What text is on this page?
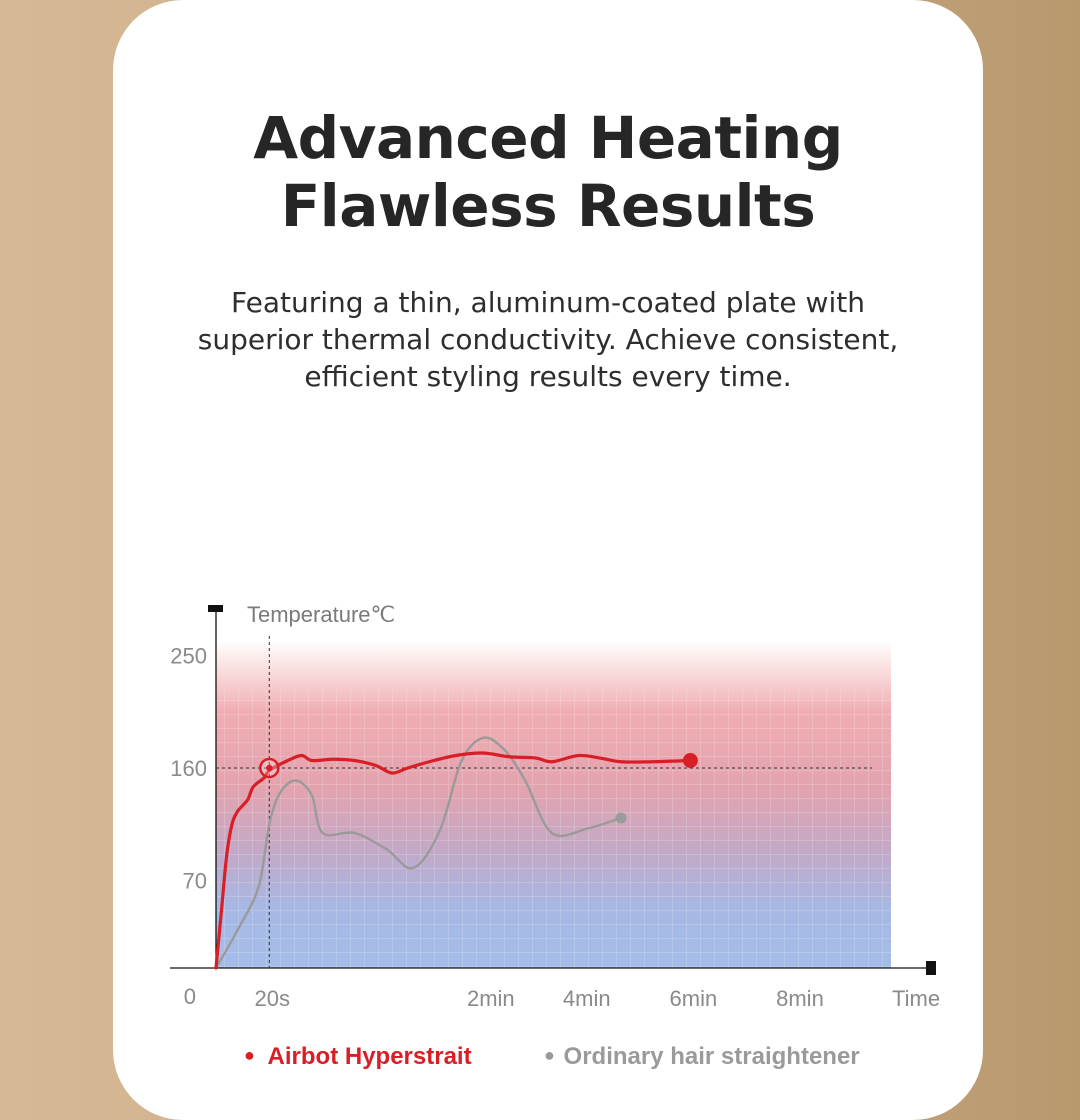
Advanced Heating
Flawless Results
Featuring a thin, aluminum-coated plate with
superior thermal conductivity. Achieve consistent,
efficient styling results every time.
Temperature℃
Time
0
70
160
250
20s	2min 4min	6min	8min
● Airbot Hyperstrait	● Ordinary hair straightener
